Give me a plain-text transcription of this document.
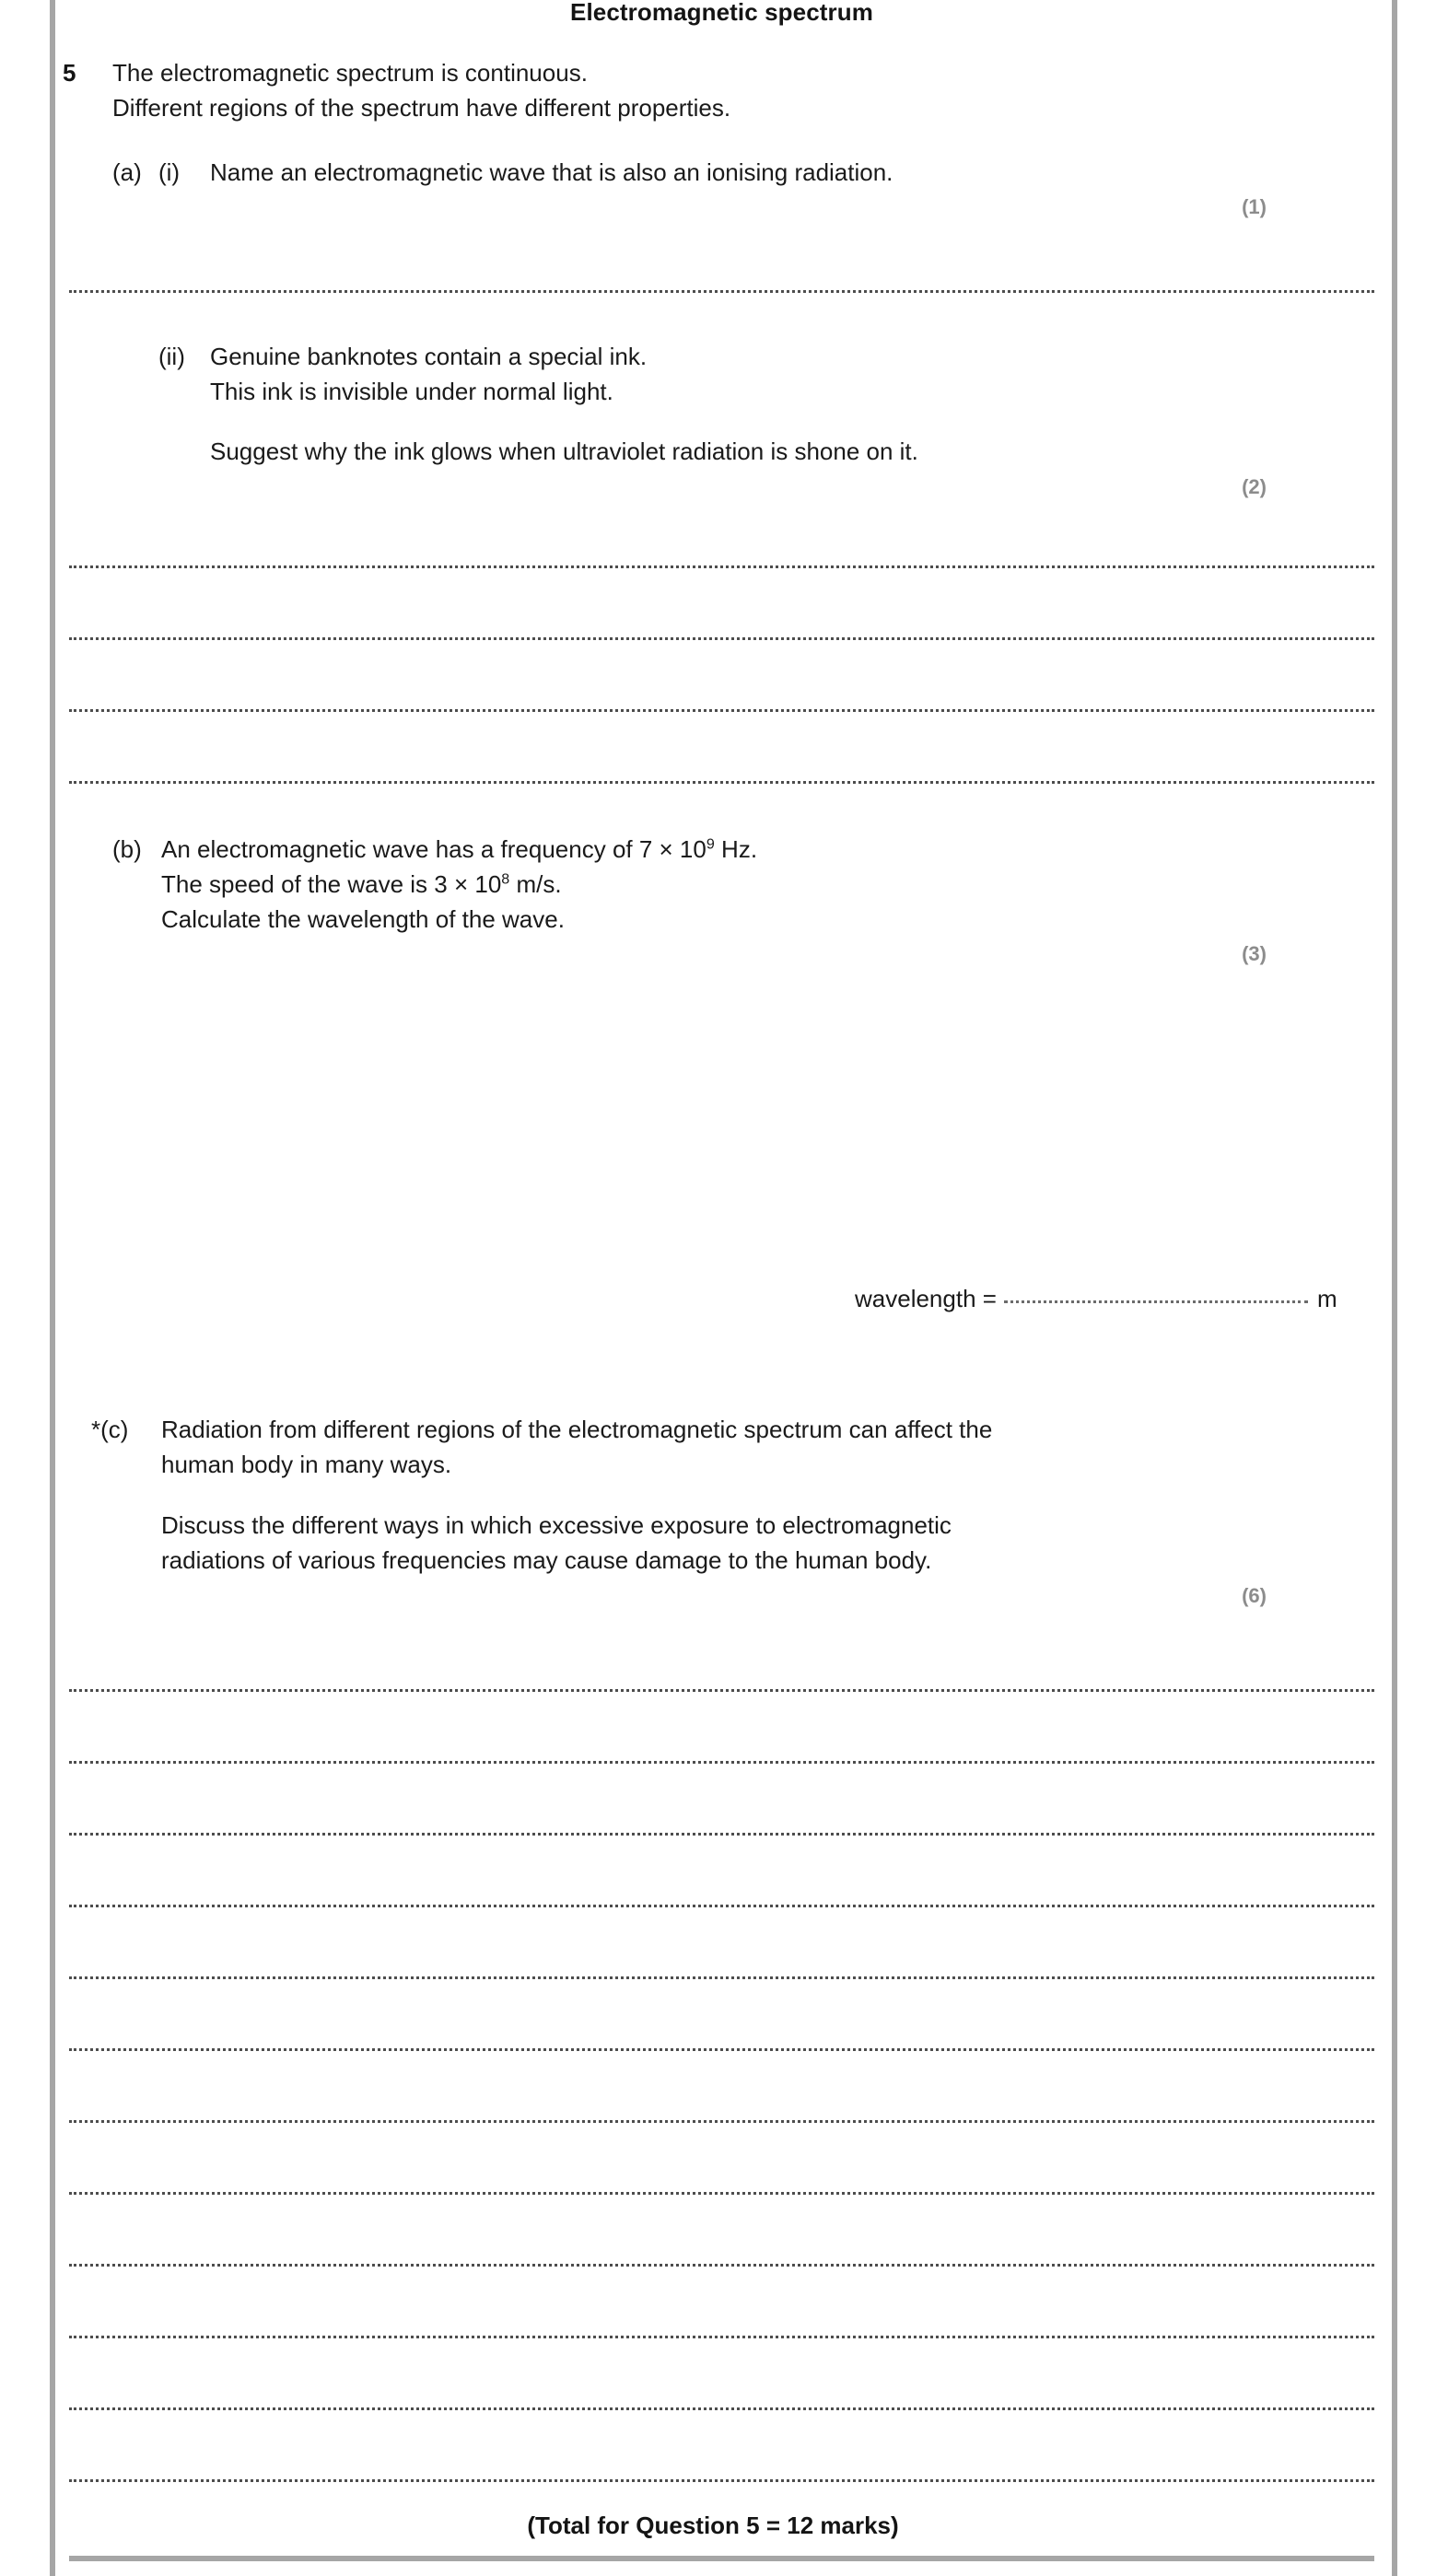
Electromagnetic spectrum
5 The electromagnetic spectrum is continuous.
Different regions of the spectrum have different properties.
(a) (i) Name an electromagnetic wave that is also an ionising radiation.
(1)
(ii) Genuine banknotes contain a special ink.
This ink is invisible under normal light.
Suggest why the ink glows when ultraviolet radiation is shone on it.
(2)
(b) An electromagnetic wave has a frequency of $7 \times 10^9$ Hz.
The speed of the wave is $3 \times 10^8$ m/s.
Calculate the wavelength of the wave.
(3)
wavelength =	m
*(c) Radiation from different regions of the electromagnetic spectrum can affect the
human body in many ways.
Discuss the different ways in which excessive exposure to electromagnetic
radiations of various frequencies may cause damage to the human body.
(6)
(Total for Question 5 = 12 marks)
